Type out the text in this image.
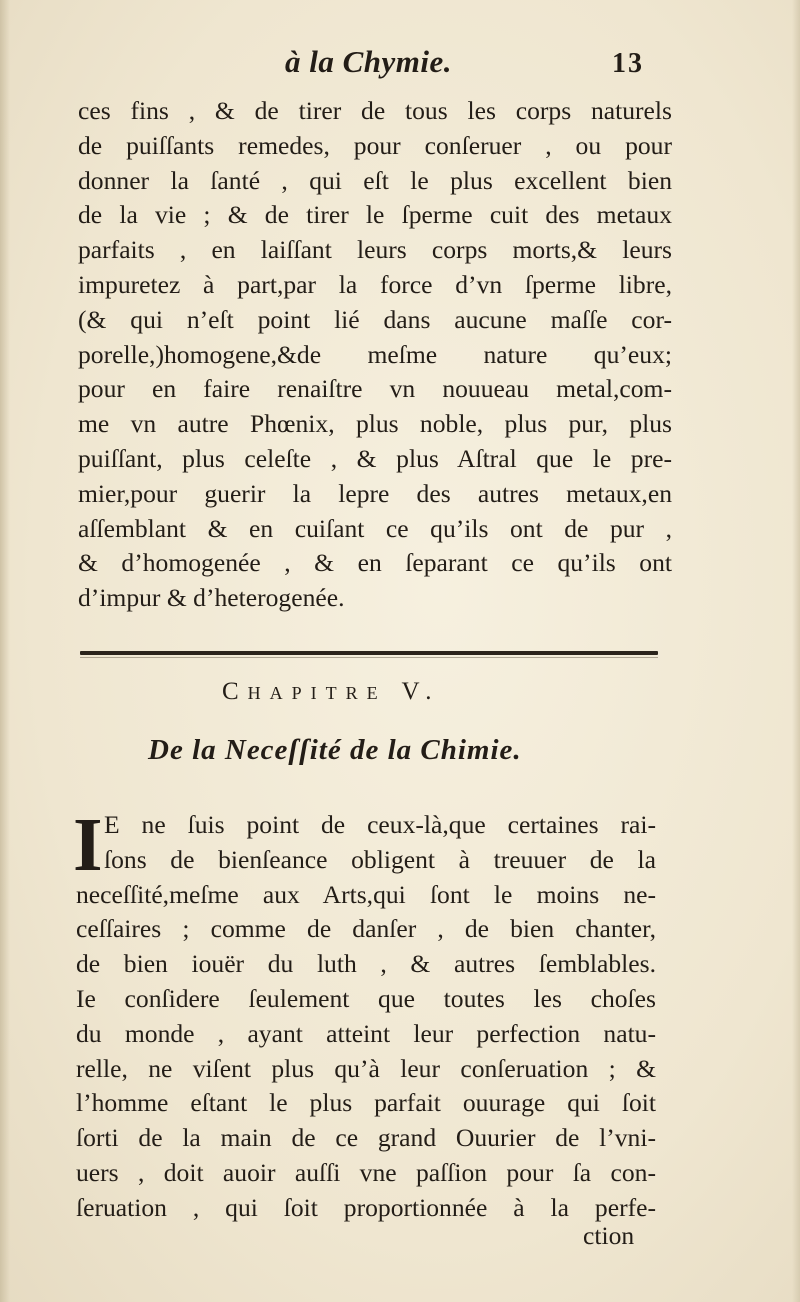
à la Chymie.	13
ces fins , & de tirer de tous les corps naturels
de puiſſants remedes, pour conſeruer , ou pour
donner la ſanté , qui eſt le plus excellent bien
de la vie ; & de tirer le ſperme cuit des metaux
parfaits , en laiſſant leurs corps morts,& leurs
impuretez à part,par la force d’vn ſperme libre,
(& qui n’eſt point lié dans aucune maſſe cor-
porelle,)homogene,&de meſme nature qu’eux;
pour en faire renaiſtre vn nouueau metal,com-
me vn autre Phœnix, plus noble, plus pur, plus
puiſſant, plus celeſte , & plus Aſtral que le pre-
mier,pour guerir la lepre des autres metaux,en
aſſemblant & en cuiſant ce qu’ils ont de pur ,
& d’homogenée , & en ſeparant ce qu’ils ont
d’impur & d’heterogenée.
Chapitre V.
De la Neceſſité de la Chimie.
I E ne ſuis point de ceux-là,que certaines rai-
ſons de bienſeance obligent à treuuer de la
neceſſité,meſme aux Arts,qui ſont le moins ne-
ceſſaires ; comme de danſer , de bien chanter,
de bien iouër du luth , & autres ſemblables.
Ie conſidere ſeulement que toutes les choſes
du monde , ayant atteint leur perfection natu-
relle, ne viſent plus qu’à leur conſeruation ; &
l’homme eſtant le plus parfait ouurage qui ſoit
ſorti de la main de ce grand Ouurier de l’vni-
uers , doit auoir auſſi vne paſſion pour ſa con-
ſeruation , qui ſoit proportionnée à la perfe-
ction
